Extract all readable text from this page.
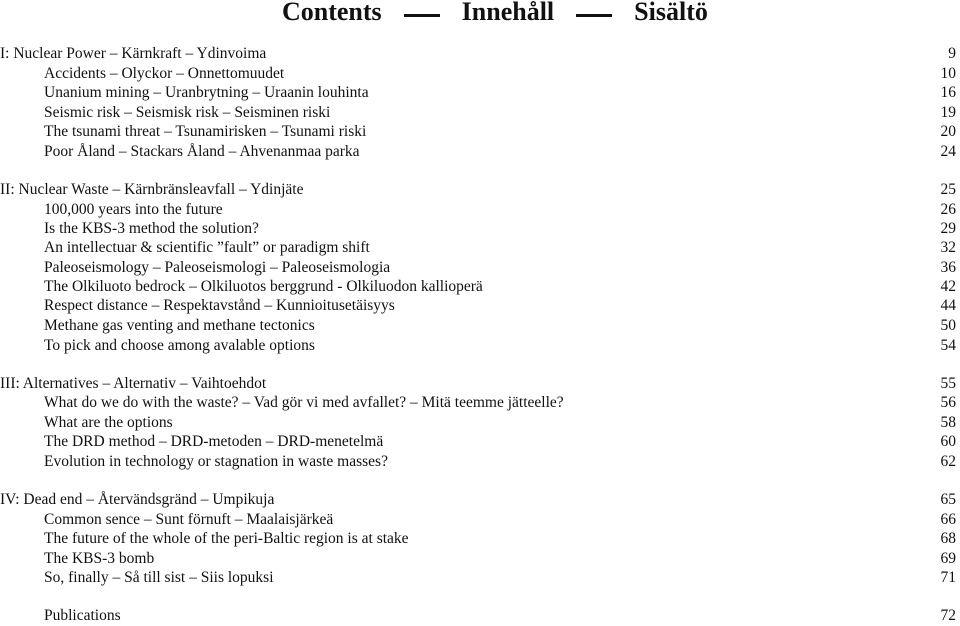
Contents	Innehåll	Sisältö
I: Nuclear Power – Kärnkraft – Ydinvoima	9
Accidents – Olyckor – Onnettomuudet	10
Unanium mining – Uranbrytning – Uraanin louhinta	16
Seismic risk – Seismisk risk – Seisminen riski	19
The tsunami threat – Tsunamirisken – Tsunami riski	20
Poor Åland – Stackars Åland – Ahvenanmaa parka	24
II: Nuclear Waste – Kärnbränsleavfall – Ydinjäte	25
100,000 years into the future	26
Is the KBS-3 method the solution?	29
An intellectuar & scientific ”fault” or paradigm shift	32
Paleoseismology – Paleoseismologi – Paleoseismologia	36
The Olkiluoto bedrock – Olkiluotos berggrund - Olkiluodon kallioperä	42
Respect distance – Respektavstånd – Kunnioitusetäisyys	44
Methane gas venting and methane tectonics	50
To pick and choose among avalable options	54
III: Alternatives – Alternativ – Vaihtoehdot	55
What do we do with the waste? – Vad gör vi med avfallet? – Mitä teemme jätteelle?	56
What are the options	58
The DRD method – DRD-metoden – DRD-menetelmä	60
Evolution in technology or stagnation in waste masses?	62
IV: Dead end – Återvändsgränd – Umpikuja	65
Common sence – Sunt förnuft – Maalaisjärkeä	66
The future of the whole of the peri-Baltic region is at stake	68
The KBS-3 bomb	69
So, finally – Så till sist – Siis lopuksi	71
Publications	72
